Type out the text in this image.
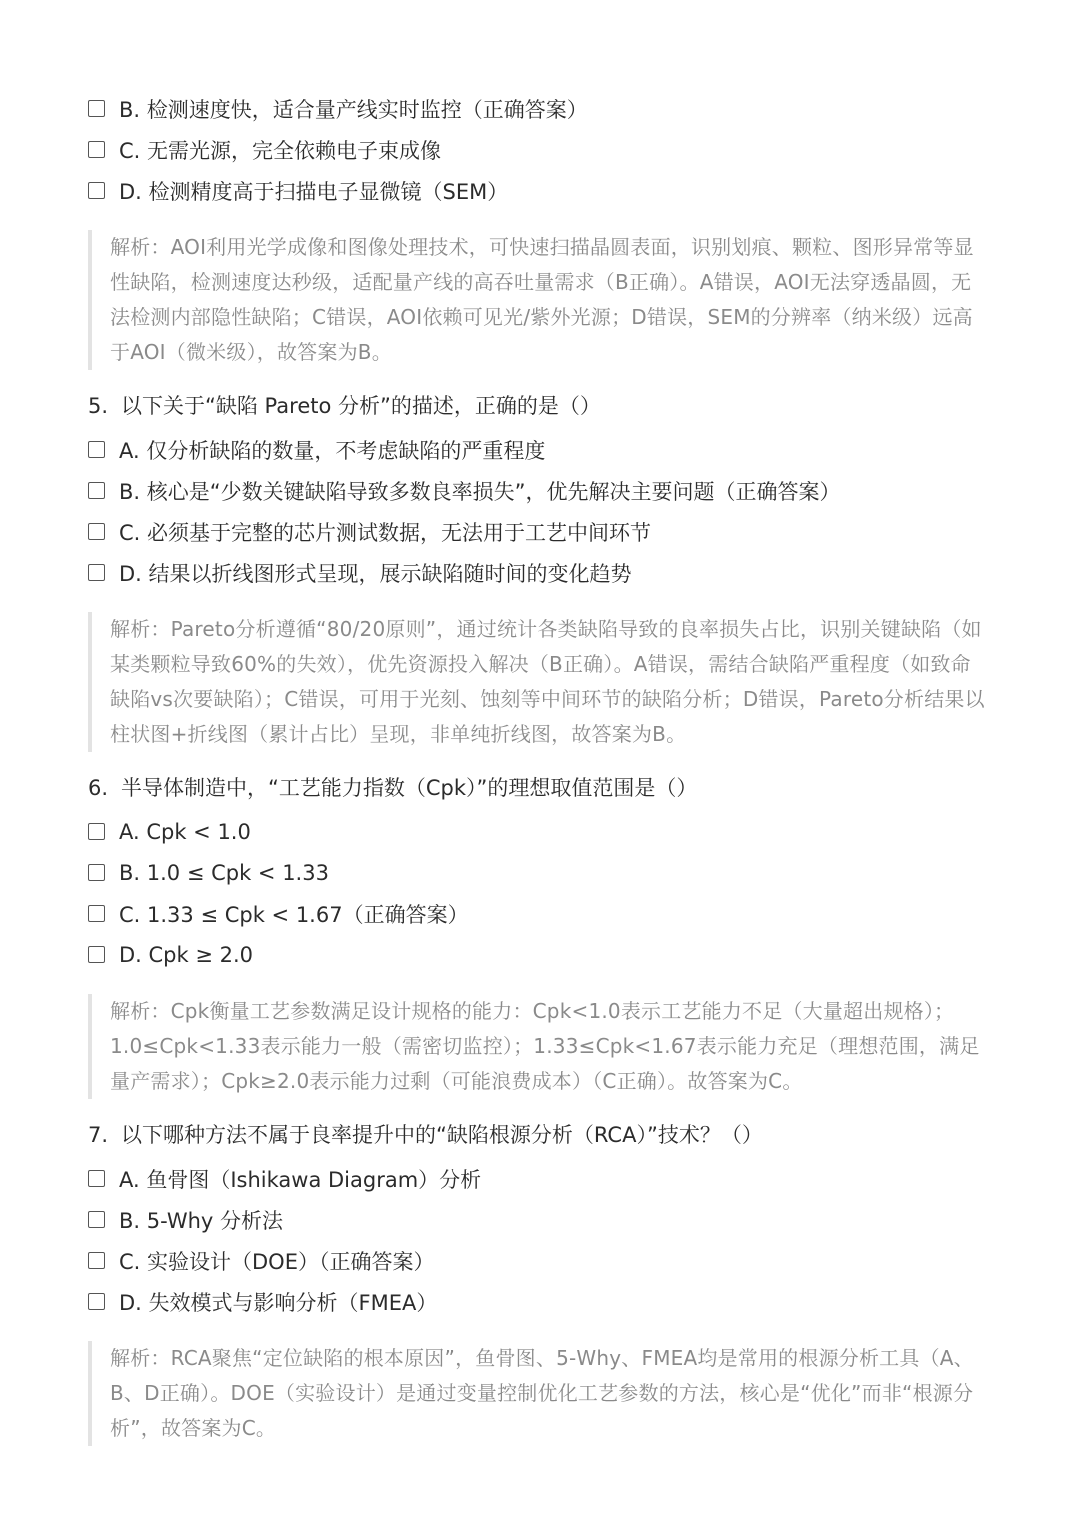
B. 检测速度快，适合量产线实时监控（正确答案）
C. 无需光源，完全依赖电子束成像
D. 检测精度高于扫描电子显微镜（SEM）
解析：AOI利用光学成像和图像处理技术，可快速扫描晶圆表面，识别划痕、颗粒、图形异常等显性缺陷，检测速度达秒级，适配量产线的高吞吐量需求（B正确）。A错误，AOI无法穿透晶圆，无法检测内部隐性缺陷；C错误，AOI依赖可见光/紫外光源；D错误，SEM的分辨率（纳米级）远高于AOI（微米级），故答案为B。
5. 以下关于“缺陷 Pareto 分析”的描述，正确的是（）
A. 仅分析缺陷的数量，不考虑缺陷的严重程度
B. 核心是“少数关键缺陷导致多数良率损失”，优先解决主要问题（正确答案）
C. 必须基于完整的芯片测试数据，无法用于工艺中间环节
D. 结果以折线图形式呈现，展示缺陷随时间的变化趋势
解析：Pareto分析遵循“80/20原则”，通过统计各类缺陷导致的良率损失占比，识别关键缺陷（如某类颗粒导致60%的失效），优先资源投入解决（B正确）。A错误，需结合缺陷严重程度（如致命缺陷vs次要缺陷）；C错误，可用于光刻、蚀刻等中间环节的缺陷分析；D错误，Pareto分析结果以柱状图+折线图（累计占比）呈现，非单纯折线图，故答案为B。
6. 半导体制造中，“工艺能力指数（Cpk）”的理想取值范围是（）
A. Cpk < 1.0
B. 1.0 ≤ Cpk < 1.33
C. 1.33 ≤ Cpk < 1.67（正确答案）
D. Cpk ≥ 2.0
解析：Cpk衡量工艺参数满足设计规格的能力：Cpk<1.0表示工艺能力不足（大量超出规格）；1.0≤Cpk<1.33表示能力一般（需密切监控）；1.33≤Cpk<1.67表示能力充足（理想范围，满足量产需求）；Cpk≥2.0表示能力过剩（可能浪费成本）（C正确）。故答案为C。
7. 以下哪种方法不属于良率提升中的“缺陷根源分析（RCA）”技术？（）
A. 鱼骨图（Ishikawa Diagram）分析
B. 5-Why 分析法
C. 实验设计（DOE）（正确答案）
D. 失效模式与影响分析（FMEA）
解析：RCA聚焦“定位缺陷的根本原因”，鱼骨图、5-Why、FMEA均是常用的根源分析工具（A、B、D正确）。DOE（实验设计）是通过变量控制优化工艺参数的方法，核心是“优化”而非“根源分析”，故答案为C。
